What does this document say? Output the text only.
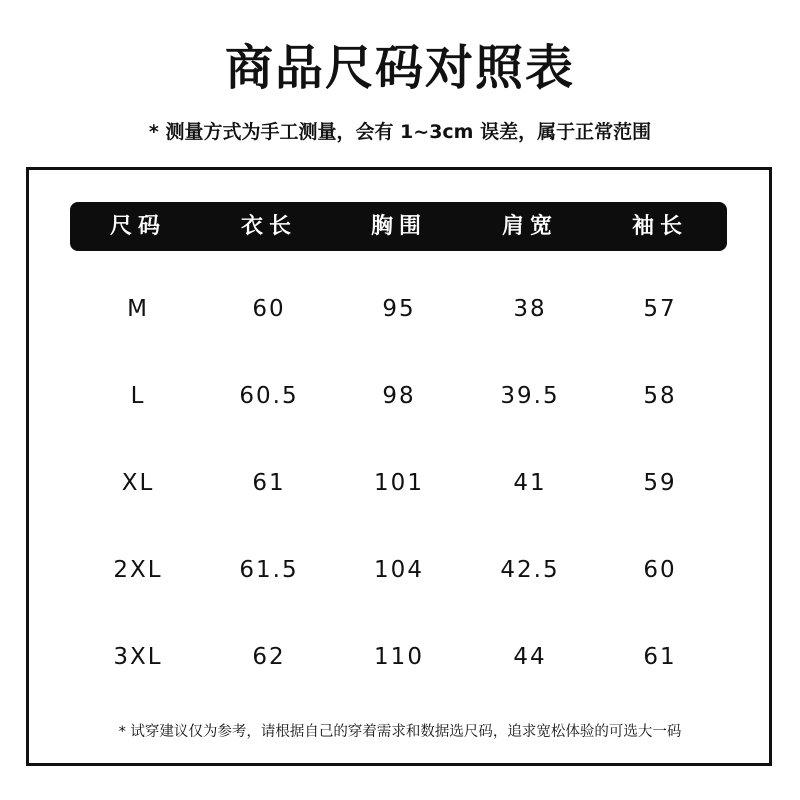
商品尺码对照表
* 测量方式为手工测量，会有 1~3cm 误差，属于正常范围
尺码	衣长	胸围	肩宽	袖长
M	60	95	38	57
L	60.5	98	39.5	58
XL	61	101	41	59
2XL	61.5	104	42.5	60
3XL	62	110	44	61
* 试穿建议仅为参考，请根据自己的穿着需求和数据选尺码，追求宽松体验的可选大一码
